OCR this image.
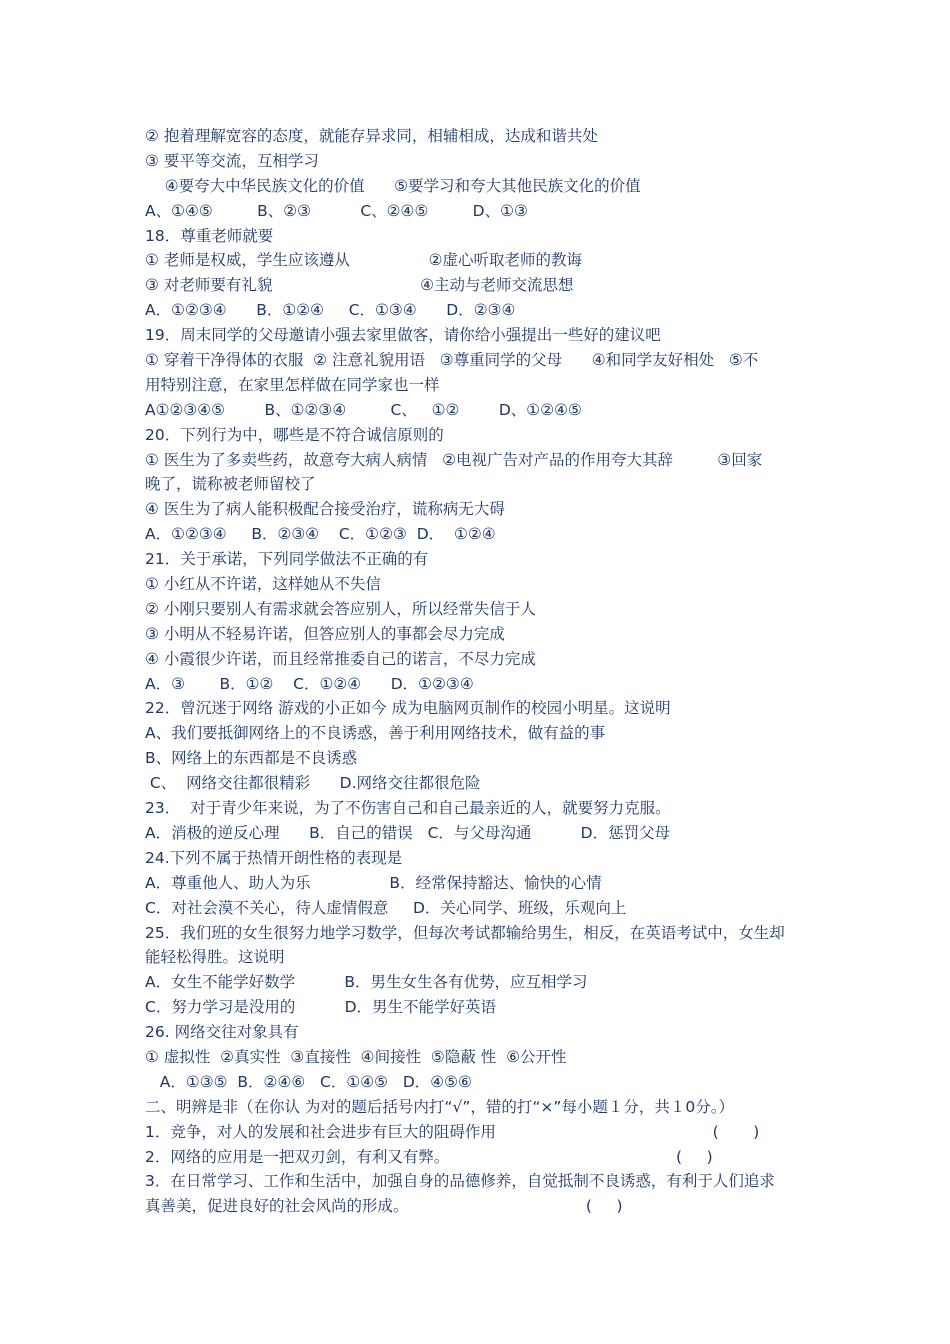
② 抱着理解宽容的态度，就能存异求同，相辅相成，达成和谐共处
③ 要平等交流，互相学习
④要夸大中华民族文化的价值      ⑤要学习和夸大其他民族文化的价值
A、①④⑤         B、②③          C、②④⑤         D、①③
18．尊重老师就要
① 老师是权威，学生应该遵从                ②虚心听取老师的教诲
③ 对老师要有礼貌                              ④主动与老师交流思想
A．①②③④      B．①②④     C．①③④      D．②③④
19．周末同学的父母邀请小强去家里做客，请你给小强提出一些好的建议吧
① 穿着干净得体的衣服  ② 注意礼貌用语   ③尊重同学的父母      ④和同学友好相处   ⑤不
用特别注意，在家里怎样做在同学家也一样
A①②③④⑤        B、①②③④         C、   ①②        D、①②④⑤
20．下列行为中，哪些是不符合诚信原则的
① 医生为了多卖些药，故意夸大病人病情   ②电视广告对产品的作用夸大其辞         ③回家
晚了，谎称被老师留校了
④ 医生为了病人能积极配合接受治疗，谎称病无大碍
A．①②③④     B．②③④    C．①②③  D．  ①②④
21．关于承诺，下列同学做法不正确的有
① 小红从不许诺，这样她从不失信
② 小刚只要别人有需求就会答应别人，所以经常失信于人
③ 小明从不轻易许诺，但答应别人的事都会尽力完成
④ 小霞很少许诺，而且经常推委自己的诺言，不尽力完成
A．③       B．①②    C．①②④      D．①②③④
22．曾沉迷于网络 游戏的小正如今 成为电脑网页制作的校园小明星。这说明
A、我们要抵御网络上的不良诱惑，善于利用网络技术，做有益的事
B、网络上的东西都是不良诱惑
C、  网络交往都很精彩      D.网络交往都很危险
23．  对于青少年来说，为了不伤害自己和自己最亲近的人，就要努力克服。
A．消极的逆反心理      B．自己的错误   C．与父母沟通          D．惩罚父母
24.下列不属于热情开朗性格的表现是
A．尊重他人、助人为乐                B．经常保持豁达、愉快的心情
C．对社会漠不关心，待人虚情假意     D．关心同学、班级，乐观向上
25．我们班的女生很努力地学习数学，但每次考试都输给男生，相反，在英语考试中，女生却
能轻松得胜。这说明
A．女生不能学好数学          B．男生女生各有优势，应互相学习
C．努力学习是没用的          D．男生不能学好英语
26. 网络交往对象具有
① 虚拟性  ②真实性  ③直接性  ④间接性  ⑤隐蔽 性  ⑥公开性
A．①③⑤  B．②④⑥   C．①④⑤   D．④⑤⑥
二、明辨是非（在你认 为对的题后括号内打“√”，错的打“×”每小题１分，共１0分。）
1．竞争，对人的发展和社会进步有巨大的阻碍作用                                            (       )
2．网络的应用是一把双刃剑，有利又有弊。                                              (     )
3．在日常学习、工作和生活中，加强自身的品德修养，自觉抵制不良诱惑，有利于人们追求
真善美，促进良好的社会风尚的形成。                                    (     )
